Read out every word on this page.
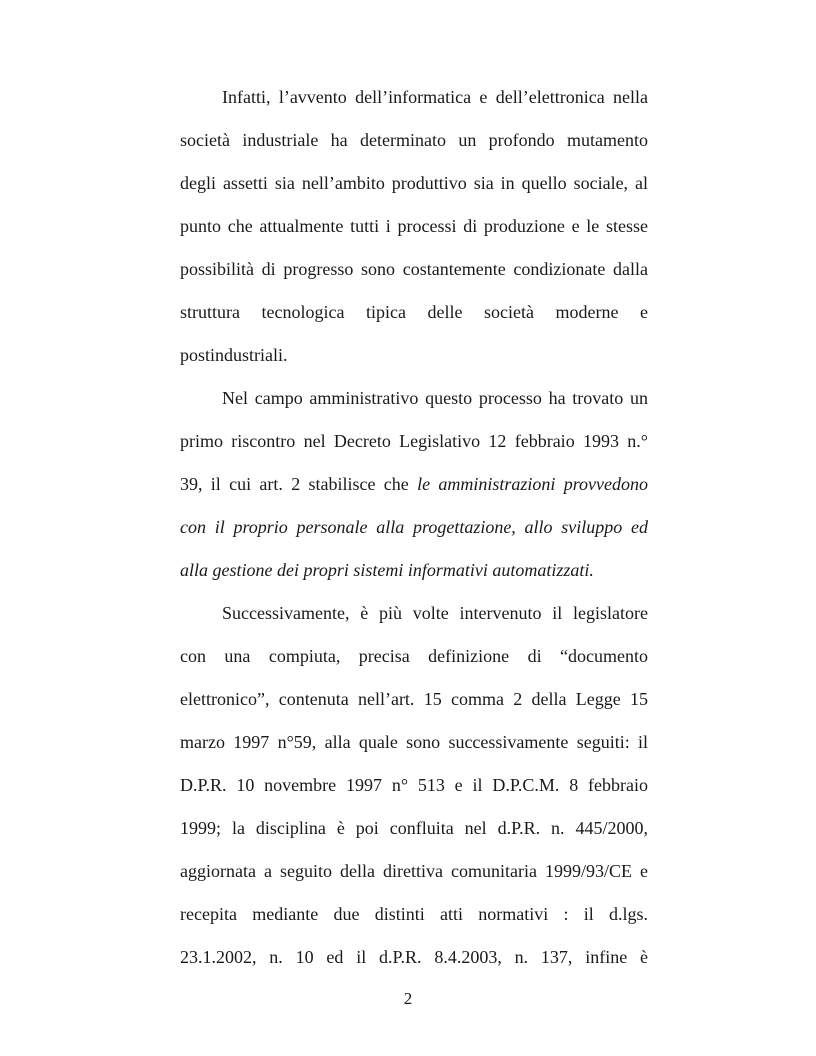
Infatti, l’avvento dell’informatica e dell’elettronica nella
società industriale ha determinato un profondo mutamento
degli assetti sia nell’ambito produttivo sia in quello sociale, al
punto che attualmente tutti i processi di produzione e le stesse
possibilità di progresso sono costantemente condizionate dalla
struttura tecnologica tipica delle società moderne e
postindustriali.
Nel campo amministrativo questo processo ha trovato un
primo riscontro nel Decreto Legislativo 12 febbraio 1993 n.°
39, il cui art. 2 stabilisce che le amministrazioni provvedono
con il proprio personale alla progettazione, allo sviluppo ed
alla gestione dei propri sistemi informativi automatizzati.
Successivamente, è più volte intervenuto il legislatore
con una compiuta, precisa definizione di “documento
elettronico”, contenuta nell’art. 15 comma 2 della Legge 15
marzo 1997 n°59, alla quale sono successivamente seguiti: il
D.P.R. 10 novembre 1997 n° 513 e il D.P.C.M. 8 febbraio
1999; la disciplina è poi confluita nel d.P.R. n. 445/2000,
aggiornata a seguito della direttiva comunitaria 1999/93/CE e
recepita mediante due distinti atti normativi : il d.lgs.
23.1.2002, n. 10 ed il d.P.R. 8.4.2003, n. 137, infine è
2
